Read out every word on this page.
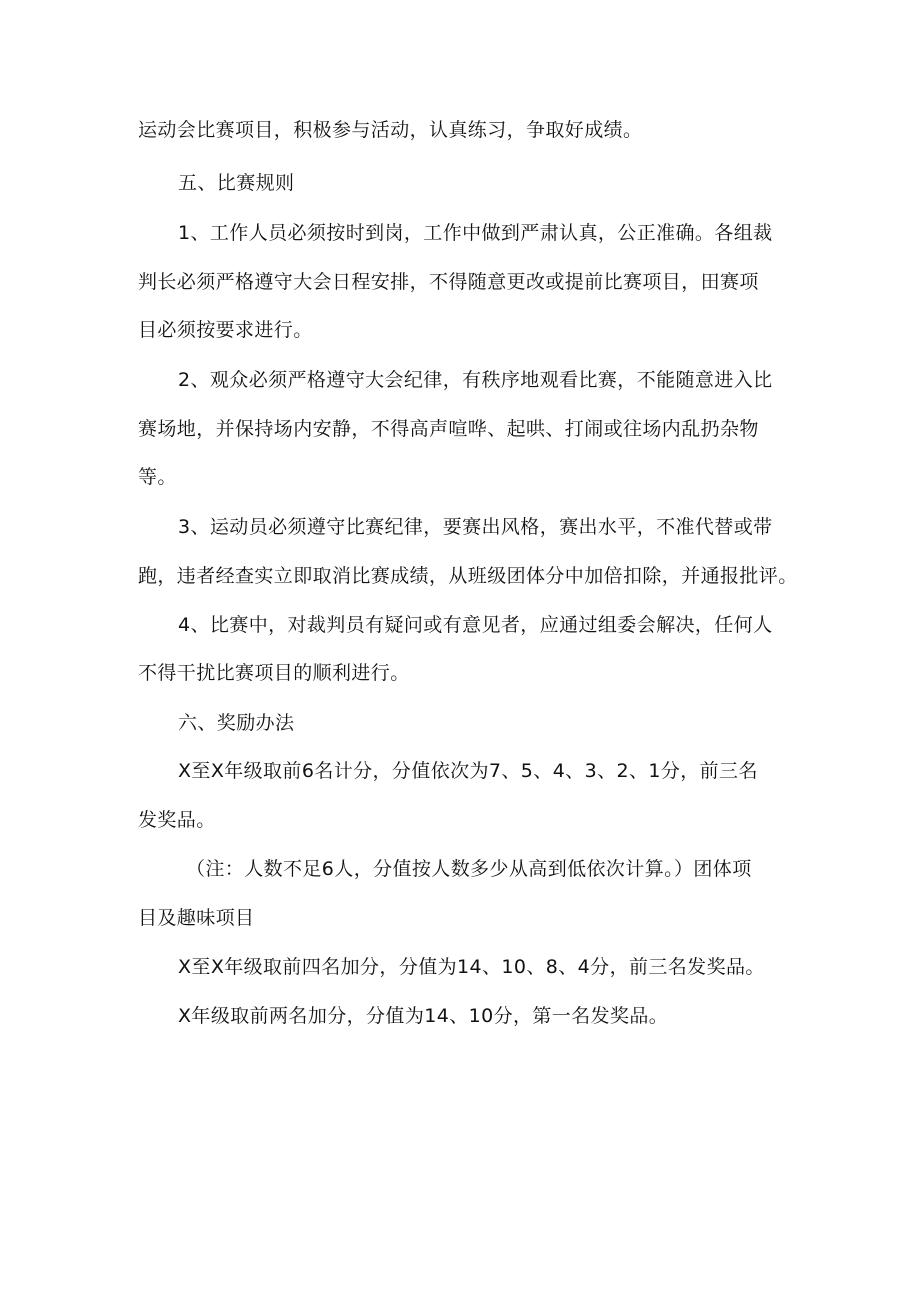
运动会比赛项目，积极参与活动，认真练习，争取好成绩。
五、比赛规则
1、工作人员必须按时到岗，工作中做到严肃认真，公正准确。各组裁
判长必须严格遵守大会日程安排，不得随意更改或提前比赛项目，田赛项
目必须按要求进行。
2、观众必须严格遵守大会纪律，有秩序地观看比赛，不能随意进入比
赛场地，并保持场内安静，不得高声喧哗、起哄、打闹或往场内乱扔杂物
等。
3、运动员必须遵守比赛纪律，要赛出风格，赛出水平，不准代替或带
跑，违者经查实立即取消比赛成绩，从班级团体分中加倍扣除，并通报批评。
4、比赛中，对裁判员有疑问或有意见者，应通过组委会解决，任何人
不得干扰比赛项目的顺利进行。
六、奖励办法
X至X年级取前6名计分，分值依次为7、5、4、3、2、1分，前三名
发奖品。
（注：人数不足6人，分值按人数多少从高到低依次计算。）团体项
目及趣味项目
X至X年级取前四名加分，分值为14、10、8、4分，前三名发奖品。
X年级取前两名加分，分值为14、10分，第一名发奖品。
